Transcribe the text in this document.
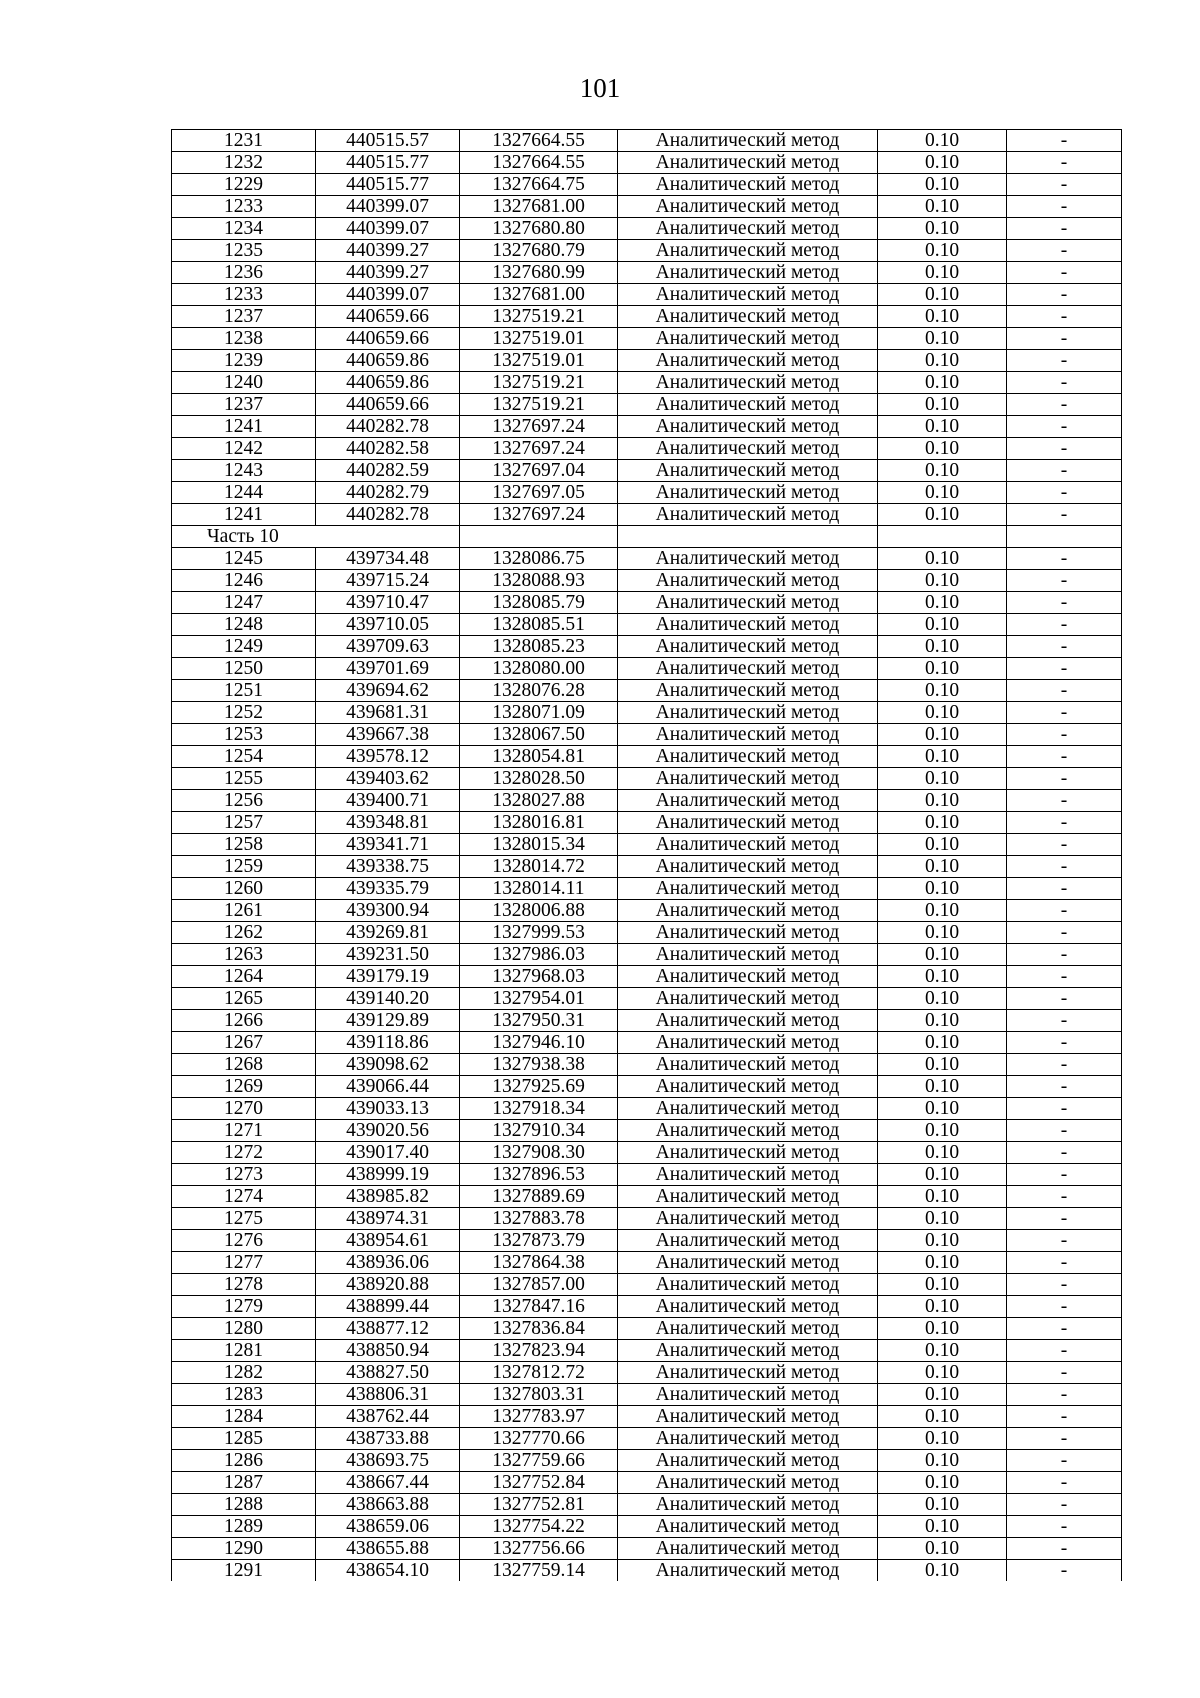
101
1231	440515.57	1327664.55	Аналитический метод	0.10	-
1232	440515.77	1327664.55	Аналитический метод	0.10	-
1229	440515.77	1327664.75	Аналитический метод	0.10	-
1233	440399.07	1327681.00	Аналитический метод	0.10	-
1234	440399.07	1327680.80	Аналитический метод	0.10	-
1235	440399.27	1327680.79	Аналитический метод	0.10	-
1236	440399.27	1327680.99	Аналитический метод	0.10	-
1233	440399.07	1327681.00	Аналитический метод	0.10	-
1237	440659.66	1327519.21	Аналитический метод	0.10	-
1238	440659.66	1327519.01	Аналитический метод	0.10	-
1239	440659.86	1327519.01	Аналитический метод	0.10	-
1240	440659.86	1327519.21	Аналитический метод	0.10	-
1237	440659.66	1327519.21	Аналитический метод	0.10	-
1241	440282.78	1327697.24	Аналитический метод	0.10	-
1242	440282.58	1327697.24	Аналитический метод	0.10	-
1243	440282.59	1327697.04	Аналитический метод	0.10	-
1244	440282.79	1327697.05	Аналитический метод	0.10	-
1241	440282.78	1327697.24	Аналитический метод	0.10	-
Часть 10					
1245	439734.48	1328086.75	Аналитический метод	0.10	-
1246	439715.24	1328088.93	Аналитический метод	0.10	-
1247	439710.47	1328085.79	Аналитический метод	0.10	-
1248	439710.05	1328085.51	Аналитический метод	0.10	-
1249	439709.63	1328085.23	Аналитический метод	0.10	-
1250	439701.69	1328080.00	Аналитический метод	0.10	-
1251	439694.62	1328076.28	Аналитический метод	0.10	-
1252	439681.31	1328071.09	Аналитический метод	0.10	-
1253	439667.38	1328067.50	Аналитический метод	0.10	-
1254	439578.12	1328054.81	Аналитический метод	0.10	-
1255	439403.62	1328028.50	Аналитический метод	0.10	-
1256	439400.71	1328027.88	Аналитический метод	0.10	-
1257	439348.81	1328016.81	Аналитический метод	0.10	-
1258	439341.71	1328015.34	Аналитический метод	0.10	-
1259	439338.75	1328014.72	Аналитический метод	0.10	-
1260	439335.79	1328014.11	Аналитический метод	0.10	-
1261	439300.94	1328006.88	Аналитический метод	0.10	-
1262	439269.81	1327999.53	Аналитический метод	0.10	-
1263	439231.50	1327986.03	Аналитический метод	0.10	-
1264	439179.19	1327968.03	Аналитический метод	0.10	-
1265	439140.20	1327954.01	Аналитический метод	0.10	-
1266	439129.89	1327950.31	Аналитический метод	0.10	-
1267	439118.86	1327946.10	Аналитический метод	0.10	-
1268	439098.62	1327938.38	Аналитический метод	0.10	-
1269	439066.44	1327925.69	Аналитический метод	0.10	-
1270	439033.13	1327918.34	Аналитический метод	0.10	-
1271	439020.56	1327910.34	Аналитический метод	0.10	-
1272	439017.40	1327908.30	Аналитический метод	0.10	-
1273	438999.19	1327896.53	Аналитический метод	0.10	-
1274	438985.82	1327889.69	Аналитический метод	0.10	-
1275	438974.31	1327883.78	Аналитический метод	0.10	-
1276	438954.61	1327873.79	Аналитический метод	0.10	-
1277	438936.06	1327864.38	Аналитический метод	0.10	-
1278	438920.88	1327857.00	Аналитический метод	0.10	-
1279	438899.44	1327847.16	Аналитический метод	0.10	-
1280	438877.12	1327836.84	Аналитический метод	0.10	-
1281	438850.94	1327823.94	Аналитический метод	0.10	-
1282	438827.50	1327812.72	Аналитический метод	0.10	-
1283	438806.31	1327803.31	Аналитический метод	0.10	-
1284	438762.44	1327783.97	Аналитический метод	0.10	-
1285	438733.88	1327770.66	Аналитический метод	0.10	-
1286	438693.75	1327759.66	Аналитический метод	0.10	-
1287	438667.44	1327752.84	Аналитический метод	0.10	-
1288	438663.88	1327752.81	Аналитический метод	0.10	-
1289	438659.06	1327754.22	Аналитический метод	0.10	-
1290	438655.88	1327756.66	Аналитический метод	0.10	-
1291	438654.10	1327759.14	Аналитический метод	0.10	-
